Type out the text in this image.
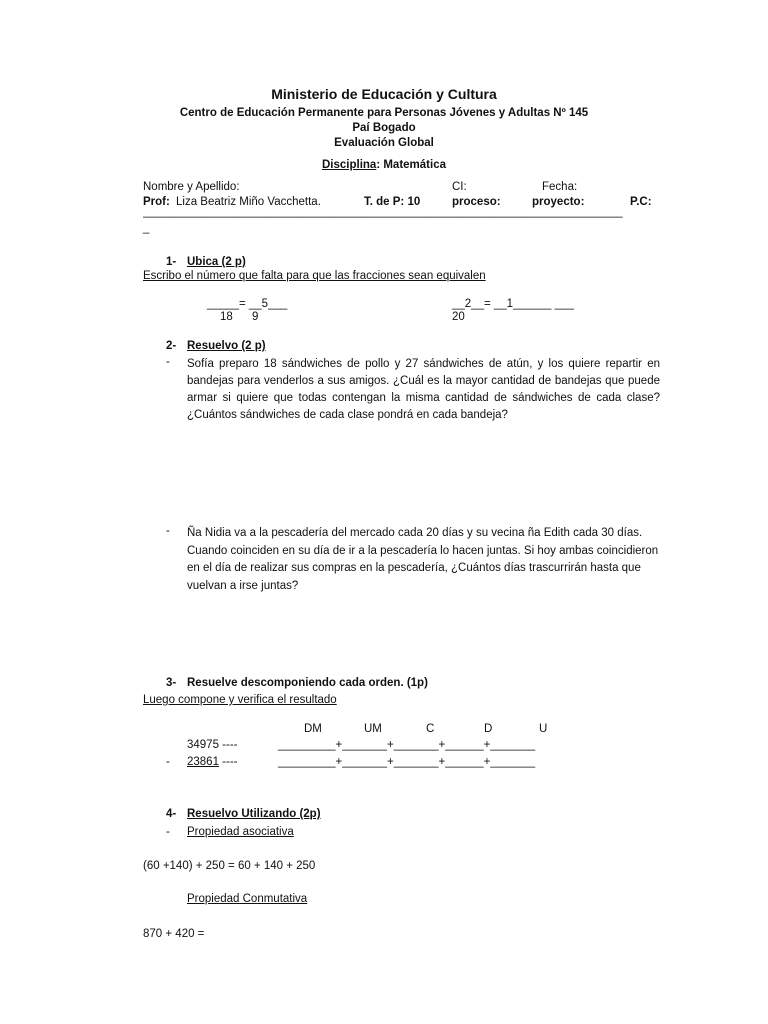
Ministerio de Educación y Cultura
Centro de Educación Permanente para Personas Jóvenes y Adultas Nº 145
Paí Bogado
Evaluación Global
Disciplina: Matemática
Nombre y Apellido:	CI:	Fecha:
Prof: Liza Beatriz Miño Vacchetta.	T. de P: 10	proceso:	proyecto:	P.C:
___________________________________________________________________________
_
1- Ubica (2 p)
Escribo el número que falta para que las fracciones sean equivalen
_____= __5___
18      9
__2__= __1______ ___
20
2- Resuelvo (2 p)
- Sofía preparo 18 sándwiches de pollo y 27 sándwiches de atún, y los quiere repartir en bandejas para venderlos a sus amigos. ¿Cuál es la mayor cantidad de bandejas que puede armar si quiere que todas contengan la misma cantidad de sándwiches de cada clase? ¿Cuántos sándwiches de cada clase pondrá en cada bandeja?
- Ña Nidia va a la pescadería del mercado cada 20 días y su vecina ña Edith cada 30 días. Cuando coinciden en su día de ir a la pescadería lo hacen juntas. Si hoy ambas coincidieron en el día de realizar sus compras en la pescadería, ¿Cuántos días trascurrirán hasta que vuelvan a irse juntas?
3- Resuelve descomponiendo cada orden. (1p)
Luego compone y verifica el resultado
DM	UM	C	D	U
34975 ----	_________+_______+_______+______+_______
- 23861 ----	_________+_______+_______+______+_______
4- Resuelvo Utilizando (2p)
- Propiedad asociativa
(60 +140) + 250 = 60 + 140 + 250
Propiedad Conmutativa
870 + 420 =
